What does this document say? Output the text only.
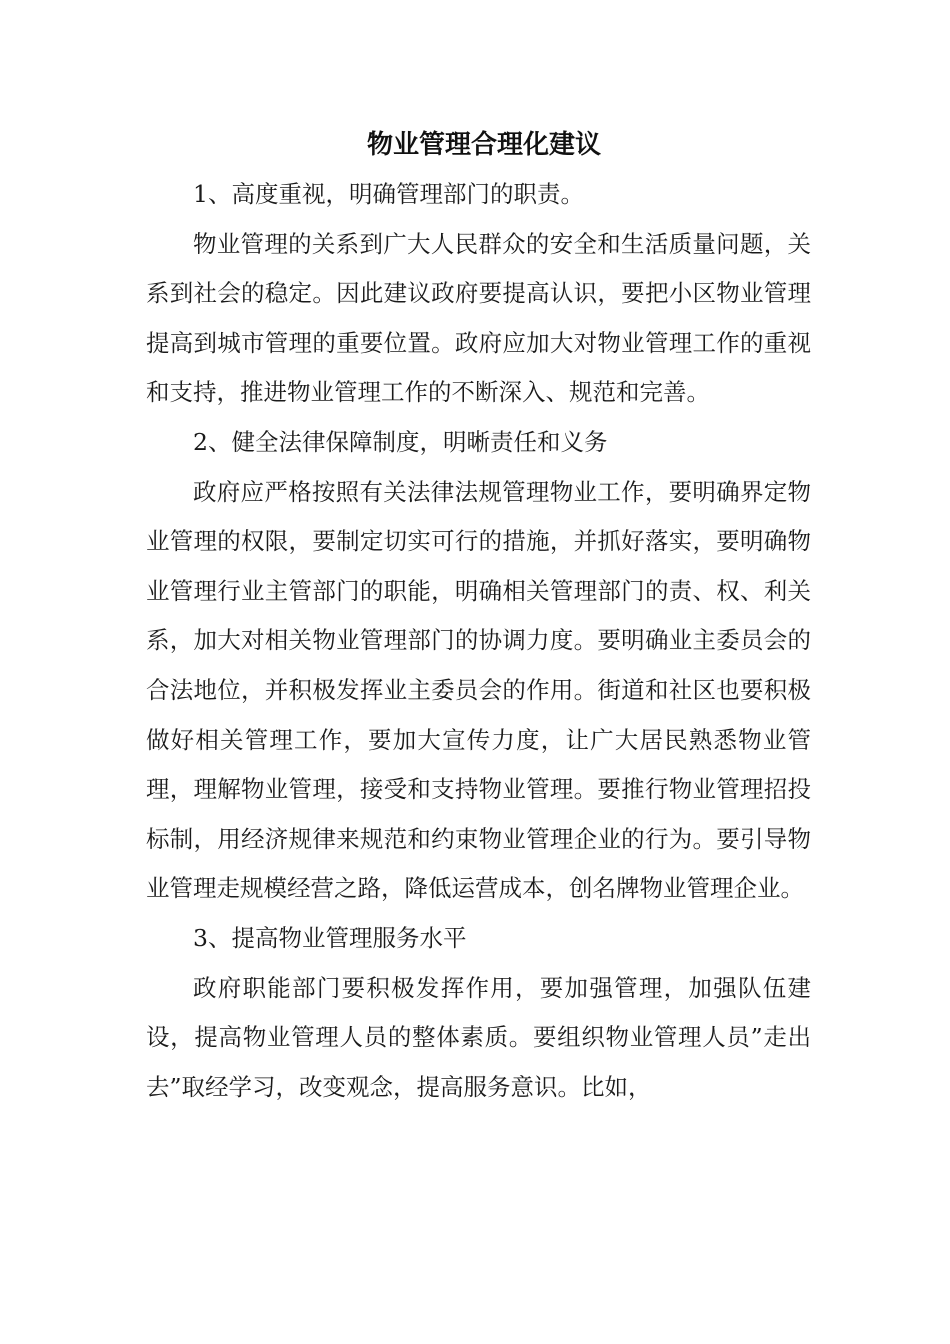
物业管理合理化建议

1、高度重视，明确管理部门的职责。

物业管理的关系到广大人民群众的安全和生活质量问题，关系到社会的稳定。因此建议政府要提高认识，要把小区物业管理提高到城市管理的重要位置。政府应加大对物业管理工作的重视和支持，推进物业管理工作的不断深入、规范和完善。

2、健全法律保障制度，明晰责任和义务

政府应严格按照有关法律法规管理物业工作，要明确界定物业管理的权限，要制定切实可行的措施，并抓好落实，要明确物业管理行业主管部门的职能，明确相关管理部门的责、权、利关系，加大对相关物业管理部门的协调力度。要明确业主委员会的合法地位，并积极发挥业主委员会的作用。街道和社区也要积极做好相关管理工作，要加大宣传力度，让广大居民熟悉物业管理，理解物业管理，接受和支持物业管理。要推行物业管理招投标制，用经济规律来规范和约束物业管理企业的行为。要引导物业管理走规模经营之路，降低运营成本，创名牌物业管理企业。

3、提高物业管理服务水平

政府职能部门要积极发挥作用，要加强管理，加强队伍建设，提高物业管理人员的整体素质。要组织物业管理人员”走出去”取经学习，改变观念，提高服务意识。比如，
